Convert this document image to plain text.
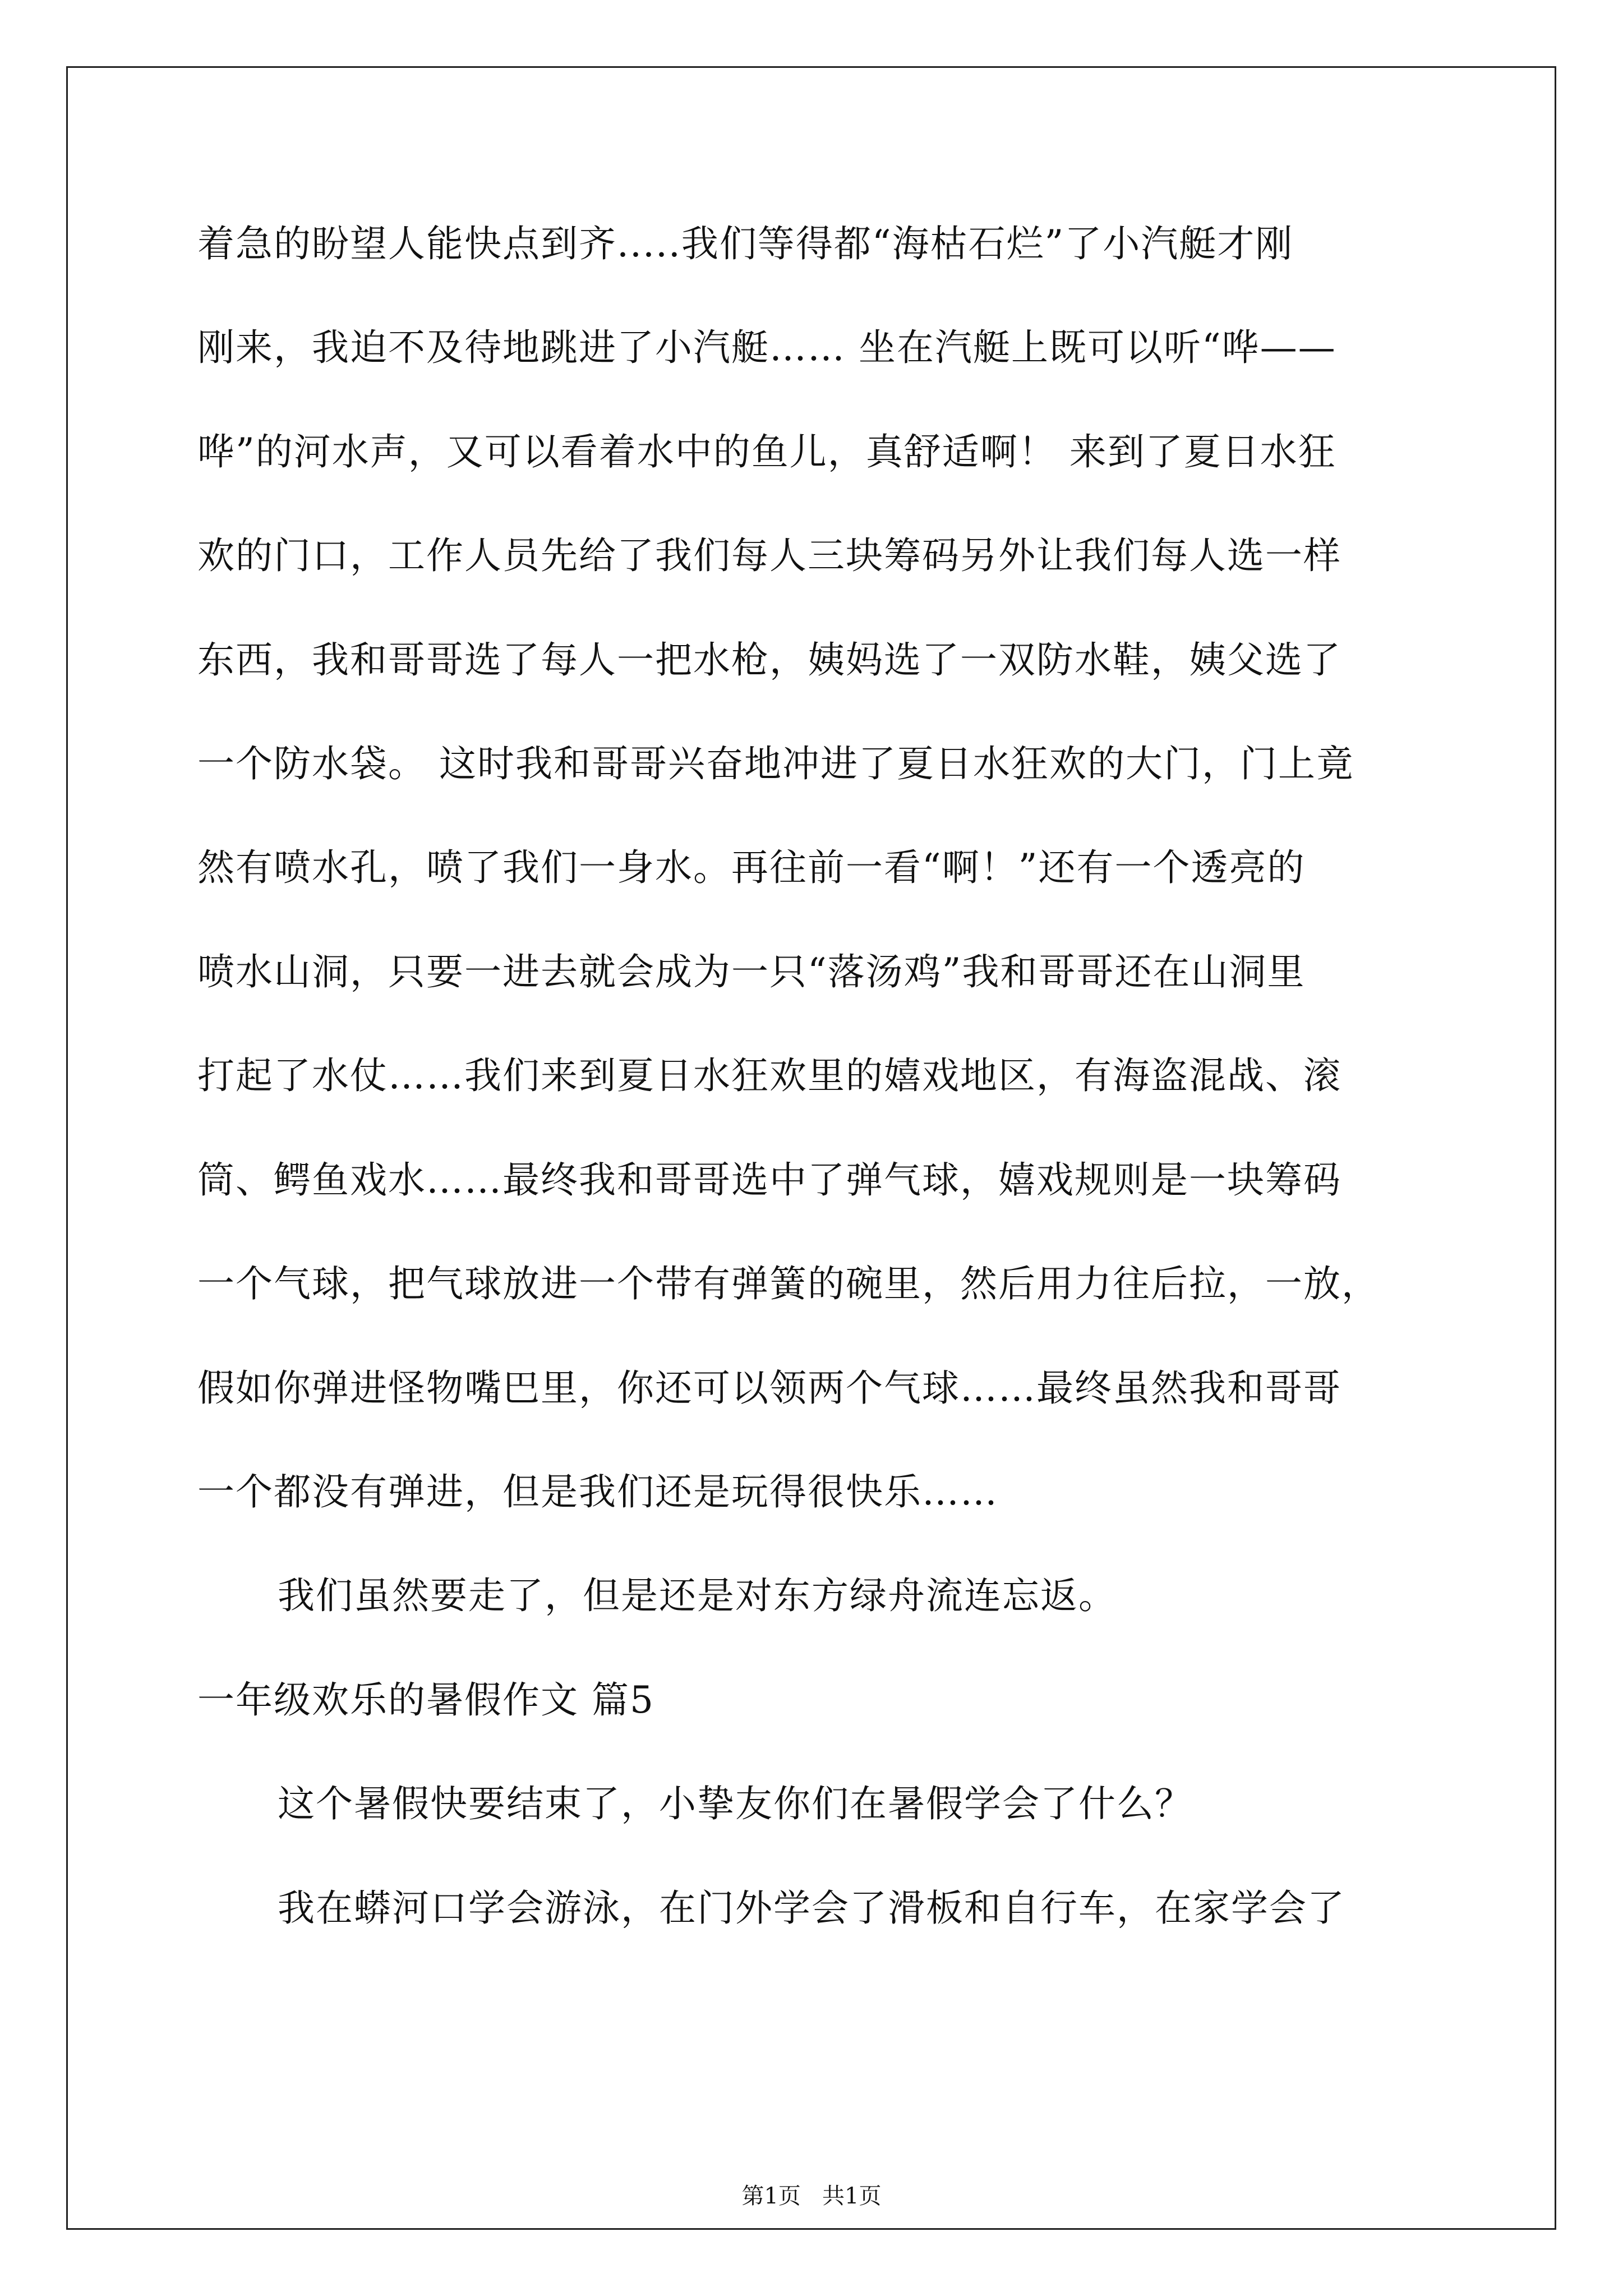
着急的盼望人能快点到齐.....我们等得都“海枯石烂”了小汽艇才刚
刚来，我迫不及待地跳进了小汽艇…… 坐在汽艇上既可以听“哗——
哗”的河水声，又可以看着水中的鱼儿，真舒适啊！ 来到了夏日水狂
欢的门口，工作人员先给了我们每人三块筹码另外让我们每人选一样
东西，我和哥哥选了每人一把水枪，姨妈选了一双防水鞋，姨父选了
一个防水袋。 这时我和哥哥兴奋地冲进了夏日水狂欢的大门，门上竟
然有喷水孔，喷了我们一身水。再往前一看“啊！”还有一个透亮的
喷水山洞，只要一进去就会成为一只“落汤鸡”我和哥哥还在山洞里
打起了水仗……我们来到夏日水狂欢里的嬉戏地区，有海盗混战、滚
筒、鳄鱼戏水……最终我和哥哥选中了弹气球，嬉戏规则是一块筹码
一个气球，把气球放进一个带有弹簧的碗里，然后用力往后拉，一放，
假如你弹进怪物嘴巴里，你还可以领两个气球……最终虽然我和哥哥
一个都没有弹进，但是我们还是玩得很快乐……
我们虽然要走了，但是还是对东方绿舟流连忘返。
一年级欢乐的暑假作文 篇5
这个暑假快要结束了，小挚友你们在暑假学会了什么？
我在蟒河口学会游泳，在门外学会了滑板和自行车，在家学会了
第1页   共1页
